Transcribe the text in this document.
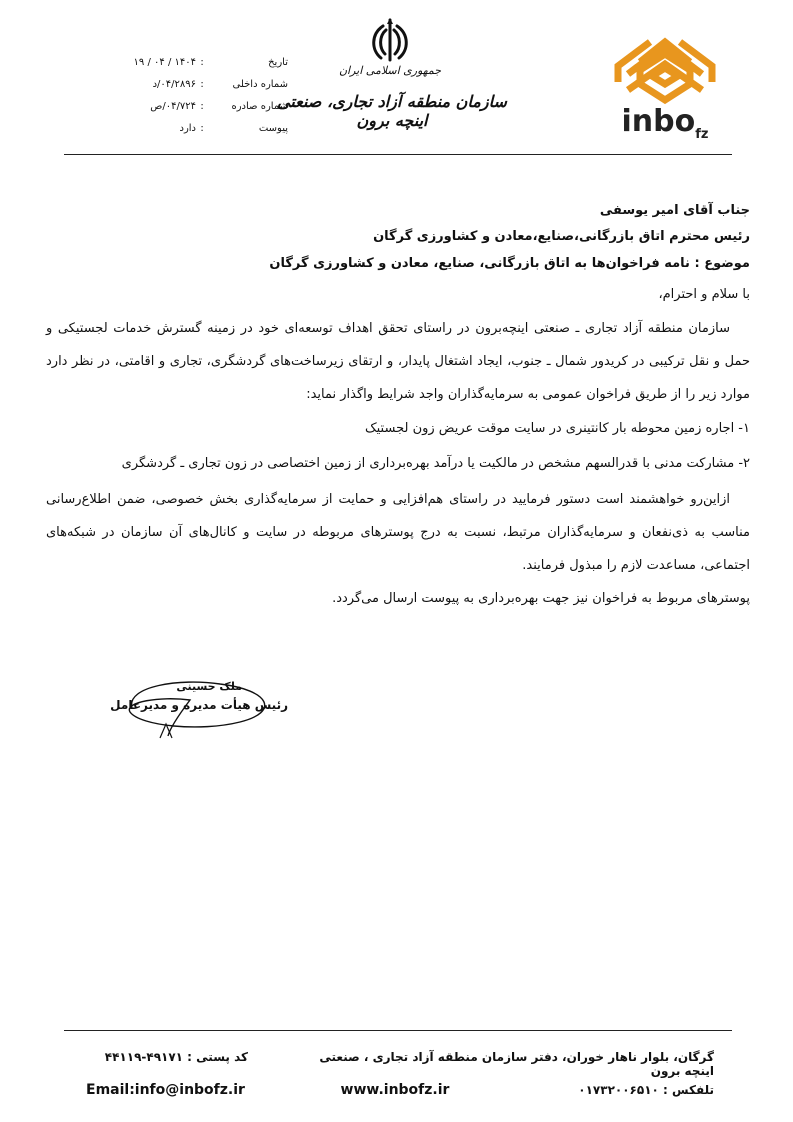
inbo$_{fz}$
جمهوری اسلامی ایران
سازمان منطقه آزاد تجاری، صنعتی اینچه برون
تاریخ
:
۱۴۰۴ / ۰۴ / ۱۹
شماره داخلی
:
۰۴/۲۸۹۶/د
شماره صادره
:
۰۴/۷۲۴/ص
پیوست
:
دارد

جناب آقای امیر یوسفی

رئیس محترم اتاق بازرگانی،صنایع،معادن و کشاورزی گرگان

موضوع : نامه فراخوان‌ها به اتاق بازرگانی، صنایع، معادن و کشاورزی گرگان

با سلام و احترام،

سازمان منطقه آزاد تجاری ـ صنعتی اینچه‌برون در راستای تحقق اهداف توسعه‌ای خود در زمینه گسترش خدمات لجستیکی و حمل و نقل ترکیبی در کریدور شمال ـ جنوب، ایجاد اشتغال پایدار، و ارتقای زیرساخت‌های گردشگری، تجاری و اقامتی، در نظر دارد موارد زیر را از طریق فراخوان عمومی به سرمایه‌گذاران واجد شرایط واگذار نماید:

۱- اجاره زمین محوطه بار کانتینری در سایت موقت عریض زون لجستیک

۲- مشارکت مدنی با قدرالسهم مشخص در مالکیت یا درآمد بهره‌برداری از زمین اختصاصی در زون تجاری ـ گردشگری

ازاین‌رو خواهشمند است دستور فرمایید در راستای هم‌افزایی و حمایت از سرمایه‌گذاری بخش خصوصی، ضمن اطلاع‌رسانی مناسب به ذی‌نفعان و سرمایه‌گذاران مرتبط، نسبت به درج پوسترهای مربوطه در سایت و کانال‌های آن سازمان در شبکه‌های اجتماعی، مساعدت لازم را مبذول فرمایند.

پوسترهای مربوط به فراخوان نیز جهت بهره‌برداری به پیوست ارسال می‌گردد.

ملک حسینی
رئیس هیأت مدیره و مدیرعامل
گرگان، بلوار ناهار خوران، دفتر سازمان منطقه آزاد تجاری ، صنعتی اینچه برون
کد پستی : ۴۹۱۷۱-۴۴۱۱۹
تلفکس : ۰۱۷۳۲۰۰۶۵۱۰
www.inbofz.ir
Email:info@inbofz.ir
